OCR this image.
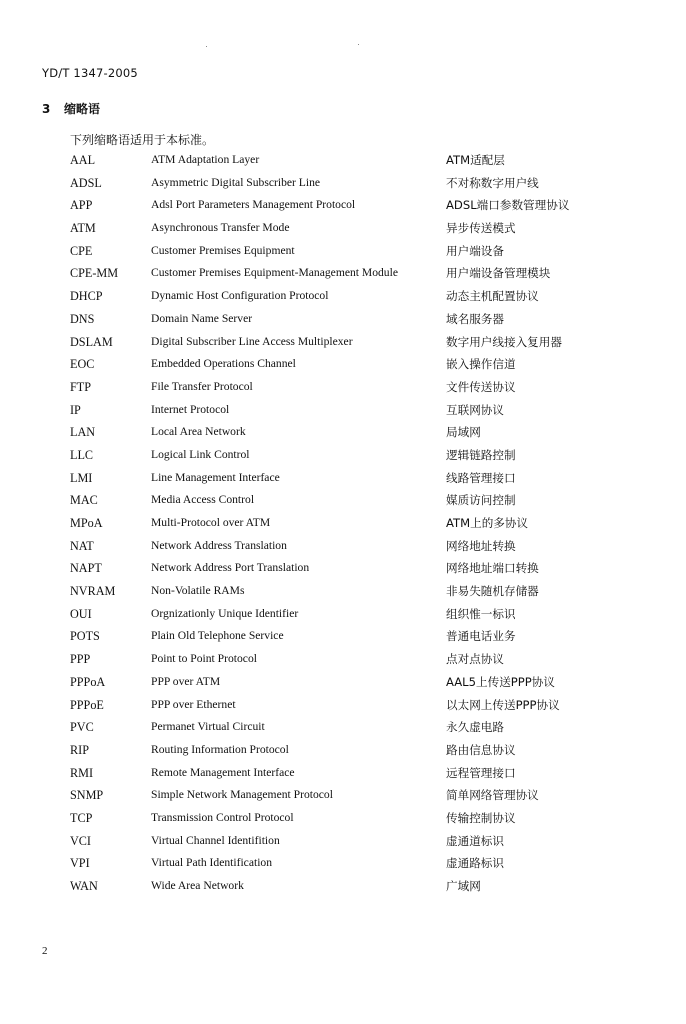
YD/T 1347-2005

3 缩略语

下列缩略语适用于本标准。

AAL	ATM Adaptation Layer	ATM适配层
ADSL	Asymmetric Digital Subscriber Line	不对称数字用户线
APP	Adsl Port Parameters Management Protocol	ADSL端口参数管理协议
ATM	Asynchronous Transfer Mode	异步传送模式
CPE	Customer Premises Equipment	用户端设备
CPE-MM	Customer Premises Equipment-Management Module	用户端设备管理模块
DHCP	Dynamic Host Configuration Protocol	动态主机配置协议
DNS	Domain Name Server	域名服务器
DSLAM	Digital Subscriber Line Access Multiplexer	数字用户线接入复用器
EOC	Embedded Operations Channel	嵌入操作信道
FTP	File Transfer Protocol	文件传送协议
IP	Internet Protocol	互联网协议
LAN	Local Area Network	局域网
LLC	Logical Link Control	逻辑链路控制
LMI	Line Management Interface	线路管理接口
MAC	Media Access Control	媒质访问控制
MPoA	Multi-Protocol over ATM	ATM上的多协议
NAT	Network Address Translation	网络地址转换
NAPT	Network Address Port Translation	网络地址端口转换
NVRAM	Non-Volatile RAMs	非易失随机存储器
OUI	Orgnizationly Unique Identifier	组织惟一标识
POTS	Plain Old Telephone Service	普通电话业务
PPP	Point to Point Protocol	点对点协议
PPPoA	PPP over ATM	AAL5上传送PPP协议
PPPoE	PPP over Ethernet	以太网上传送PPP协议
PVC	Permanet Virtual Circuit	永久虚电路
RIP	Routing Information Protocol	路由信息协议
RMI	Remote Management Interface	远程管理接口
SNMP	Simple Network Management Protocol	简单网络管理协议
TCP	Transmission Control Protocol	传输控制协议
VCI	Virtual Channel Identifition	虚通道标识
VPI	Virtual Path Identification	虚通路标识
WAN	Wide Area Network	广域网

2
